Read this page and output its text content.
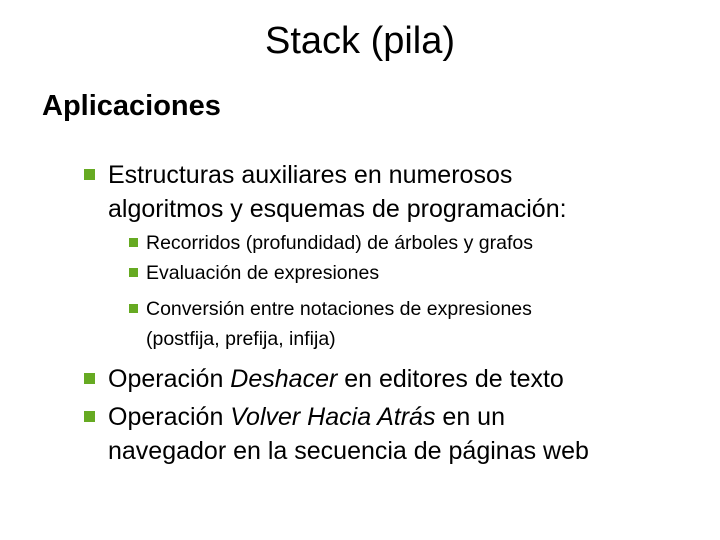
Stack (pila)
Aplicaciones
Estructuras auxiliares en numerosos
algoritmos y esquemas de programación:
Recorridos (profundidad) de árboles y grafos
Evaluación de expresiones
Conversión entre notaciones de expresiones
(postfija, prefija, infija)
Operación Deshacer en editores de texto
Operación Volver Hacia Atrás en un
navegador en la secuencia de páginas web
